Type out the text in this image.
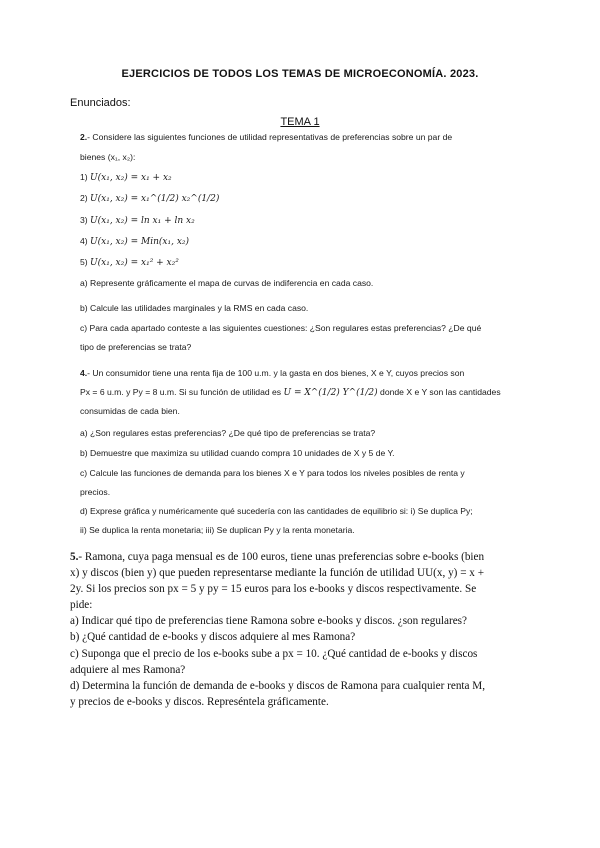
EJERCICIOS DE TODOS LOS TEMAS DE MICROECONOMÍA. 2023.
Enunciados:
TEMA 1
2.- Considere las siguientes funciones de utilidad representativas de preferencias sobre un par de
bienes (x₁, x₂):
1) U(x₁, x₂) = x₁ + x₂
2) U(x₁, x₂) = x₁^(1/2) x₂^(1/2)
3) U(x₁, x₂) = ln x₁ + ln x₂
4) U(x₁, x₂) = Min(x₁, x₂)
5) U(x₁, x₂) = x₁² + x₂²
a) Represente gráficamente el mapa de curvas de indiferencia en cada caso.
b) Calcule las utilidades marginales y la RMS en cada caso.
c) Para cada apartado conteste a las siguientes cuestiones: ¿Son regulares estas preferencias? ¿De qué
tipo de preferencias se trata?
4.- Un consumidor tiene una renta fija de 100 u.m. y la gasta en dos bienes, X e Y, cuyos precios son
Px = 6 u.m. y Py = 8 u.m. Si su función de utilidad es U = X^(1/2) Y^(1/2) donde X e Y son las cantidades
consumidas de cada bien.
a) ¿Son regulares estas preferencias? ¿De qué tipo de preferencias se trata?
b) Demuestre que maximiza su utilidad cuando compra 10 unidades de X y 5 de Y.
c) Calcule las funciones de demanda para los bienes X e Y para todos los niveles posibles de renta y
precios.
d) Exprese gráfica y numéricamente qué sucedería con las cantidades de equilibrio si: i) Se duplica Py;
ii) Se duplica la renta monetaria; iii) Se duplican Py y la renta monetaria.
5.- Ramona, cuya paga mensual es de 100 euros, tiene unas preferencias sobre e-books (bien
x) y discos (bien y) que pueden representarse mediante la función de utilidad UU(x, y) = x +
2y. Si los precios son px = 5 y py = 15 euros para los e-books y discos respectivamente. Se
pide:
a) Indicar qué tipo de preferencias tiene Ramona sobre e-books y discos. ¿son regulares?
b) ¿Qué cantidad de e-books y discos adquiere al mes Ramona?
c) Suponga que el precio de los e-books sube a px = 10. ¿Qué cantidad de e-books y discos
adquiere al mes Ramona?
d) Determina la función de demanda de e-books y discos de Ramona para cualquier renta M,
y precios de e-books y discos. Represéntela gráficamente.
